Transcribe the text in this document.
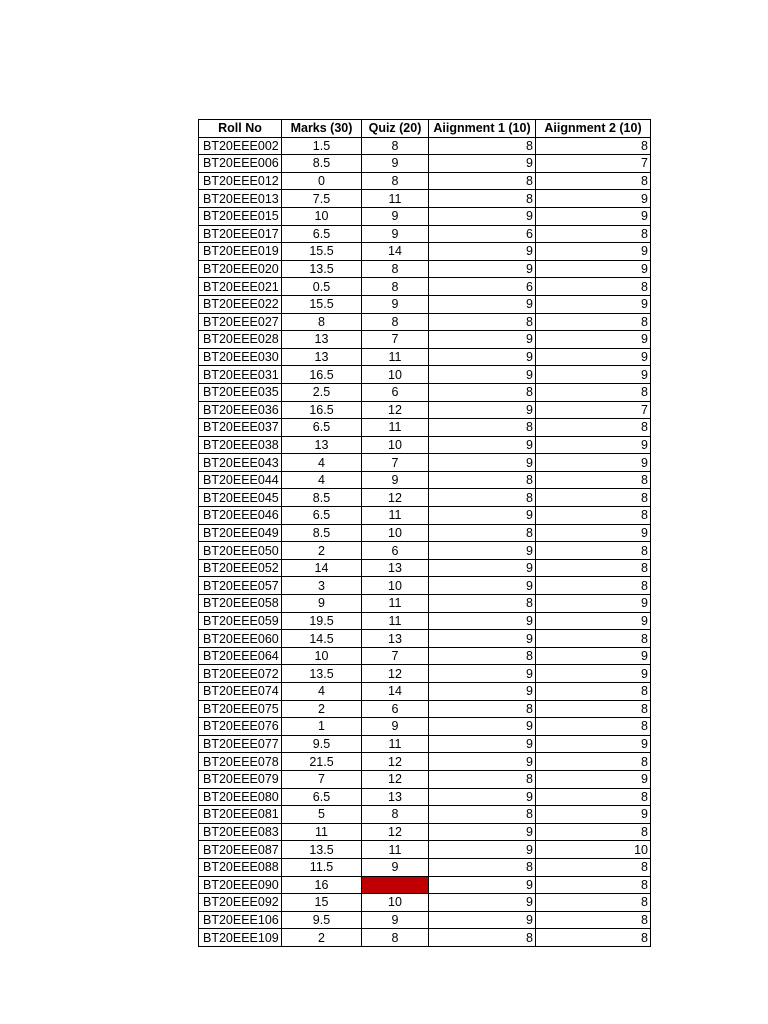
Roll No	Marks (30)	Quiz (20)	Aiignment 1 (10)	Aiignment 2 (10)
BT20EEE002	1.5	8	8	8
BT20EEE006	8.5	9	9	7
BT20EEE012	0	8	8	8
BT20EEE013	7.5	11	8	9
BT20EEE015	10	9	9	9
BT20EEE017	6.5	9	6	8
BT20EEE019	15.5	14	9	9
BT20EEE020	13.5	8	9	9
BT20EEE021	0.5	8	6	8
BT20EEE022	15.5	9	9	9
BT20EEE027	8	8	8	8
BT20EEE028	13	7	9	9
BT20EEE030	13	11	9	9
BT20EEE031	16.5	10	9	9
BT20EEE035	2.5	6	8	8
BT20EEE036	16.5	12	9	7
BT20EEE037	6.5	11	8	8
BT20EEE038	13	10	9	9
BT20EEE043	4	7	9	9
BT20EEE044	4	9	8	8
BT20EEE045	8.5	12	8	8
BT20EEE046	6.5	11	9	8
BT20EEE049	8.5	10	8	9
BT20EEE050	2	6	9	8
BT20EEE052	14	13	9	8
BT20EEE057	3	10	9	8
BT20EEE058	9	11	8	9
BT20EEE059	19.5	11	9	9
BT20EEE060	14.5	13	9	8
BT20EEE064	10	7	8	9
BT20EEE072	13.5	12	9	9
BT20EEE074	4	14	9	8
BT20EEE075	2	6	8	8
BT20EEE076	1	9	9	8
BT20EEE077	9.5	11	9	9
BT20EEE078	21.5	12	9	8
BT20EEE079	7	12	8	9
BT20EEE080	6.5	13	9	8
BT20EEE081	5	8	8	9
BT20EEE083	11	12	9	8
BT20EEE087	13.5	11	9	10
BT20EEE088	11.5	9	8	8
BT20EEE090	16		9	8
BT20EEE092	15	10	9	8
BT20EEE106	9.5	9	9	8
BT20EEE109	2	8	8	8
